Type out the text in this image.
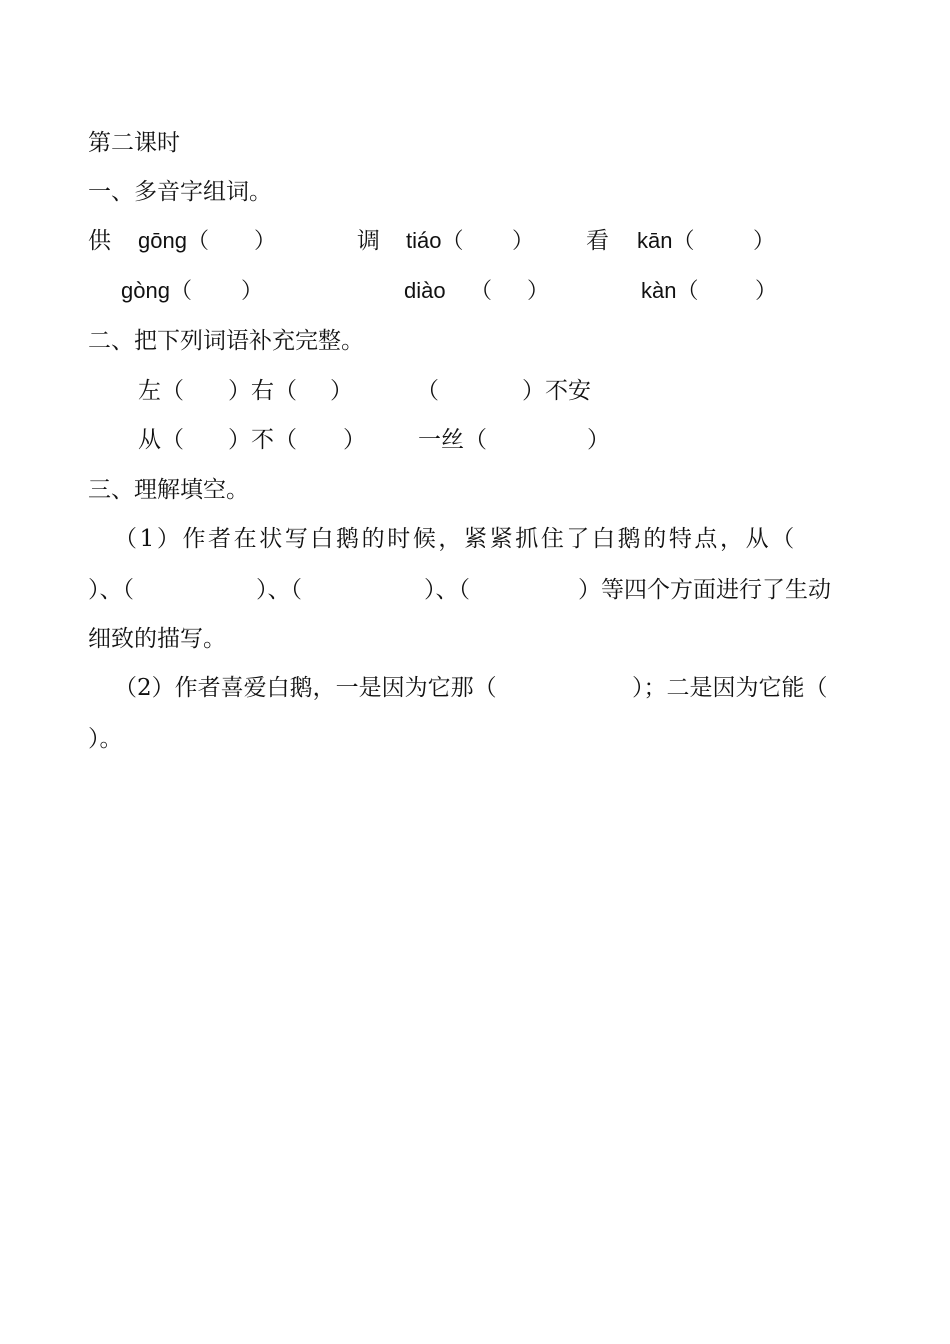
第二课时
一、多音字组词。
供 gōng（ ）	调 tiáo（ ） 看 kān（	）
gòng（ ）	diào （ ）	kàn（	）
二、把下列词语补充完整。
左（ ）右（ ）	（	）不安
从（ ）不（ ） 一丝（	）
三、理解填空。
（1）作者在状写白鹅的时候，紧紧抓住了白鹅的特点，从（
）、（	）、（	）、（	）等四个方面进行了生动
细致的描写。
（2）作者喜爱白鹅，一是因为它那（	）；二是因为它能（
）。
